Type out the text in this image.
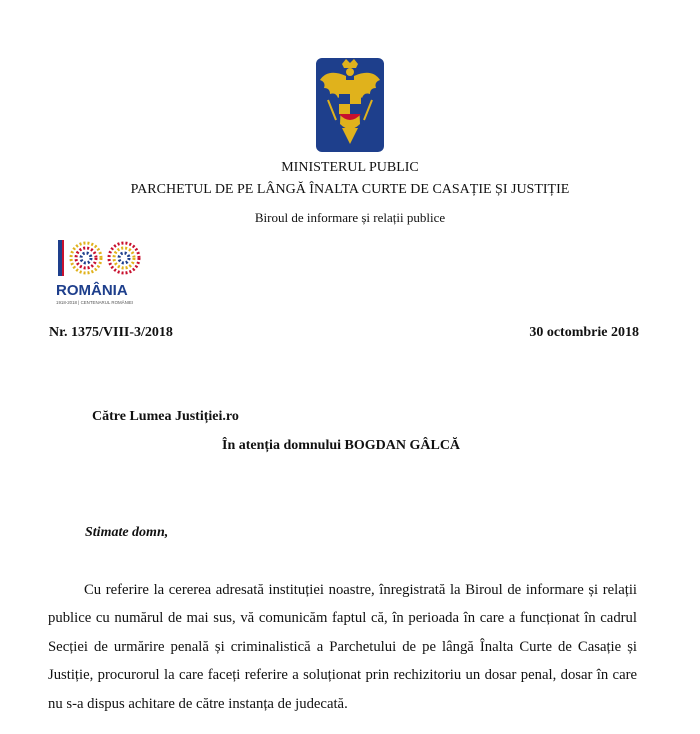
MINISTERUL PUBLIC
PARCHETUL DE PE LÂNGĂ ÎNALTA CURTE DE CASAȚIE ȘI JUSTIȚIE
Biroul de informare și relații publice
ROMÂNIA
1918-2018 | CENTENARUL ROMÂNIEI
Nr. 1375/VIII-3/2018	30 octombrie 2018
Către Lumea Justiției.ro
În atenția domnului BOGDAN GÂLCĂ
Stimate domn,

Cu referire la cererea adresată instituției noastre, înregistrată la Biroul de informare și relații publice cu numărul de mai sus, vă comunicăm faptul că, în perioada în care a funcționat în cadrul Secției de urmărire penală și criminalistică a Parchetului de pe lângă Înalta Curte de Casație și Justiție, procurorul la care faceți referire a soluționat prin rechizitoriu un dosar penal, dosar în care nu s-a dispus achitare de către instanța de judecată.
